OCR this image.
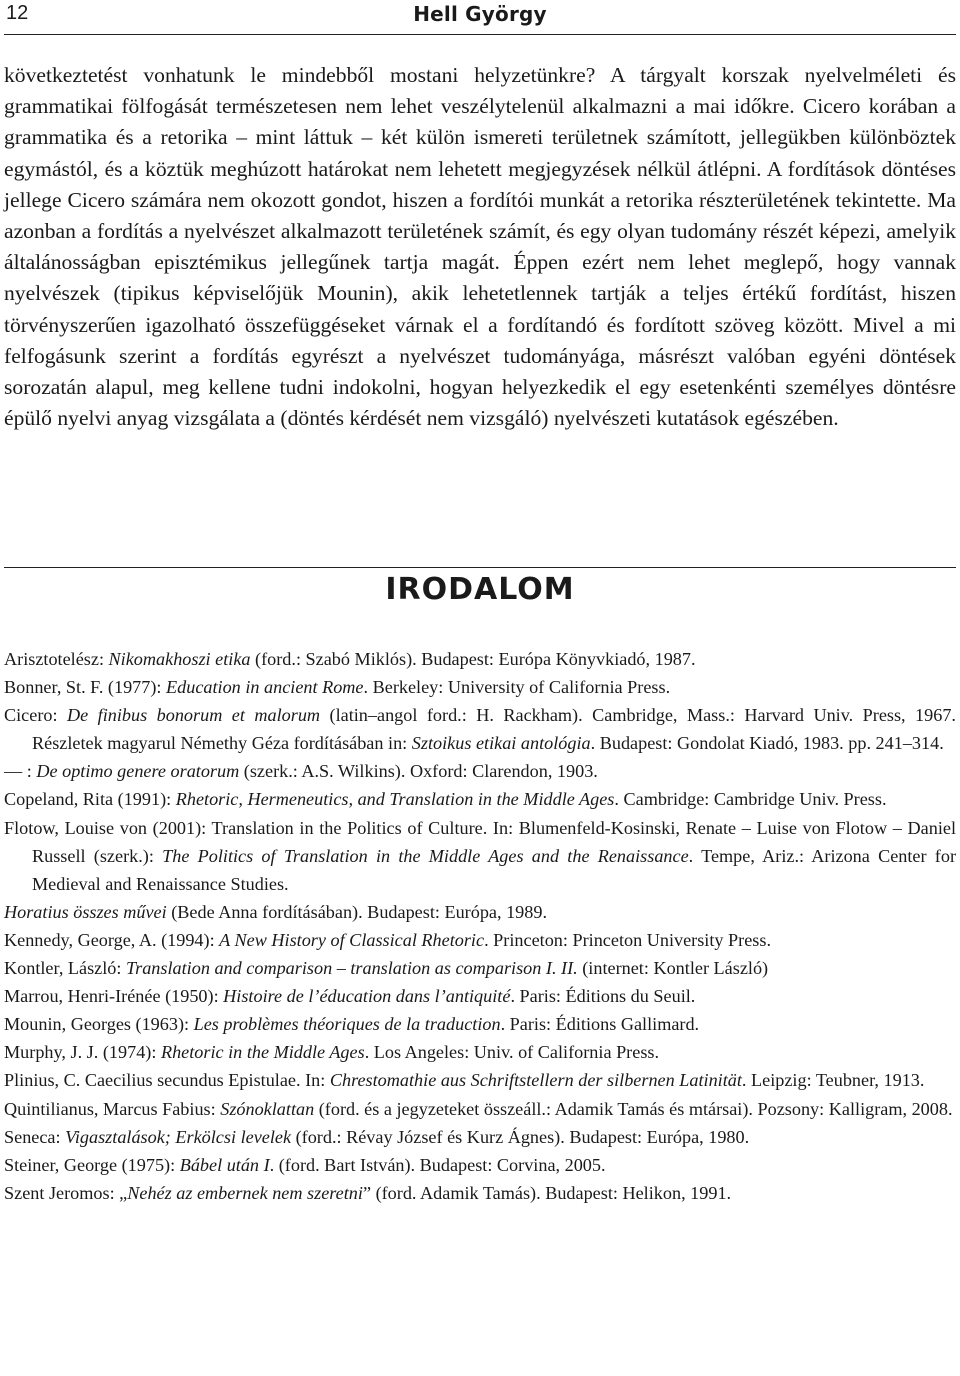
12	Hell György

következtetést vonhatunk le mindebből mostani helyzetünkre? A tárgyalt korszak nyelvelméleti és grammatikai fölfogását természetesen nem lehet veszélytelenül alkalmazni a mai időkre. Cicero korában a grammatika és a retorika – mint láttuk – két külön ismereti területnek számított, jellegükben különböztek egymástól, és a köztük meghúzott határokat nem lehetett megjegyzések nélkül átlépni. A fordítások döntéses jellege Cicero számára nem okozott gondot, hiszen a fordítói munkát a retorika részterületének tekintette. Ma azonban a fordítás a nyelvészet alkalmazott területének számít, és egy olyan tudomány részét képezi, amelyik általánosságban episztémikus jellegűnek tartja magát. Éppen ezért nem lehet meglepő, hogy vannak nyelvészek (tipikus képviselőjük Mounin), akik lehetetlennek tartják a teljes értékű fordítást, hiszen törvényszerűen igazolható összefüggéseket várnak el a fordítandó és fordított szöveg között. Mivel a mi felfogásunk szerint a fordítás egyrészt a nyelvészet tudományága, másrészt valóban egyéni döntések sorozatán alapul, meg kellene tudni indokolni, hogyan helyezkedik el egy esetenkénti személyes döntésre épülő nyelvi anyag vizsgálata a (döntés kérdését nem vizsgáló) nyelvészeti kutatások egészében.

IRODALOM
Arisztotelész: Nikomakhoszi etika (ford.: Szabó Miklós). Budapest: Európa Könyvkiadó, 1987.
Bonner, St. F. (1977): Education in ancient Rome. Berkeley: University of California Press.
Cicero: De finibus bonorum et malorum (latin–angol ford.: H. Rackham). Cambridge, Mass.: Harvard Univ. Press, 1967. Részletek magyarul Némethy Géza fordításában in: Sztoikus etikai antológia. Budapest: Gondolat Kiadó, 1983. pp. 241–314.
— : De optimo genere oratorum (szerk.: A.S. Wilkins). Oxford: Clarendon, 1903.
Copeland, Rita (1991): Rhetoric, Hermeneutics, and Translation in the Middle Ages. Cambridge: Cambridge Univ. Press.
Flotow, Louise von (2001): Translation in the Politics of Culture. In: Blumenfeld-Kosinski, Renate – Luise von Flotow – Daniel Russell (szerk.): The Politics of Translation in the Middle Ages and the Renaissance. Tempe, Ariz.: Arizona Center for Medieval and Renaissance Studies.
Horatius összes művei (Bede Anna fordításában). Budapest: Európa, 1989.
Kennedy, George, A. (1994): A New History of Classical Rhetoric. Princeton: Princeton University Press.
Kontler, László: Translation and comparison – translation as comparison I. II. (internet: Kontler László)
Marrou, Henri-Irénée (1950): Histoire de l’éducation dans l’antiquité. Paris: Éditions du Seuil.
Mounin, Georges (1963): Les problèmes théoriques de la traduction. Paris: Éditions Gallimard.
Murphy, J. J. (1974): Rhetoric in the Middle Ages. Los Angeles: Univ. of California Press.
Plinius, C. Caecilius secundus Epistulae. In: Chrestomathie aus Schriftstellern der silbernen Latinität. Leipzig: Teubner, 1913.
Quintilianus, Marcus Fabius: Szónoklattan (ford. és a jegyzeteket összeáll.: Adamik Tamás és mtársai). Pozsony: Kalligram, 2008.
Seneca: Vigasztalások; Erkölcsi levelek (ford.: Révay József és Kurz Ágnes). Budapest: Európa, 1980.
Steiner, George (1975): Bábel után I. (ford. Bart István). Budapest: Corvina, 2005.
Szent Jeromos: „Nehéz az embernek nem szeretni” (ford. Adamik Tamás). Budapest: Helikon, 1991.
